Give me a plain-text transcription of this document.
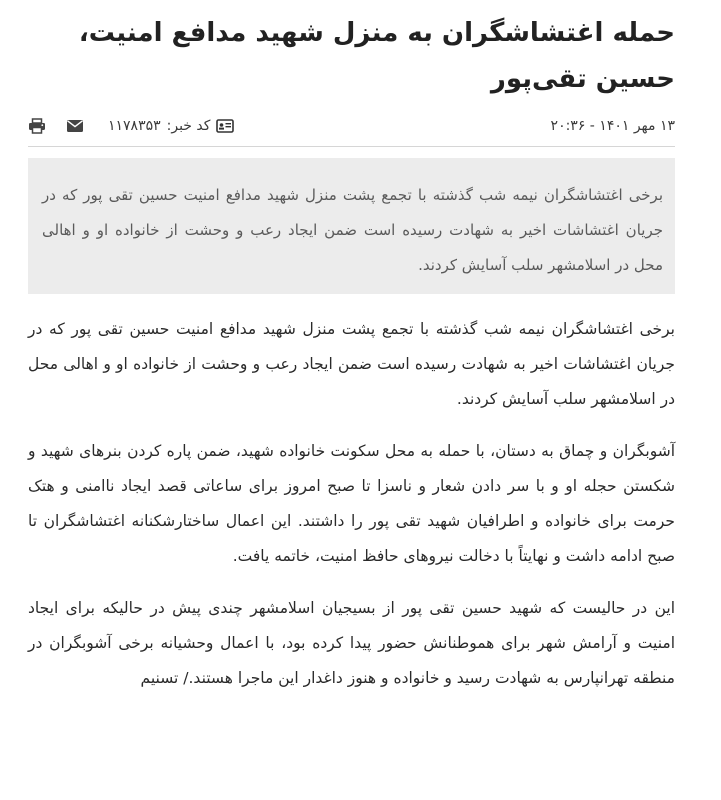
حمله اغتشاشگران به منزل شهید مدافع امنیت، حسین تقی‌پور
۱۳ مهر ۱۴۰۱ - ۲۰:۳۶
کد خبر:
۱۱۷۸۳۵۳
برخی اغتشاشگران نیمه شب گذشته با تجمع پشت منزل شهید مدافع امنیت حسین تقی پور که در جریان اغتشاشات اخیر به شهادت رسیده است ضمن ایجاد رعب و وحشت از خانواده او و اهالی محل در اسلامشهر سلب آسایش کردند.

برخی اغتشاشگران نیمه شب گذشته با تجمع پشت منزل شهید مدافع امنیت حسین تقی پور که در جریان اغتشاشات اخیر به شهادت رسیده است ضمن ایجاد رعب و وحشت از خانواده او و اهالی محل در اسلامشهر سلب آسایش کردند.

آشوبگران و چماق به دستان، با حمله به محل سکونت خانواده شهید، ضمن پاره کردن بنرهای شهید و شکستن حجله او و با سر دادن شعار و ناسزا تا صبح امروز برای ساعاتی قصد ایجاد ناامنی و هتک حرمت برای خانواده و اطرافیان شهید تقی پور را داشتند. این اعمال ساختارشکنانه اغتشاشگران تا صبح ادامه داشت و نهایتاً با دخالت نیروهای حافظ امنیت، خاتمه یافت.

این در حالیست که شهید حسین تقی پور از بسیجیان اسلامشهر چندی پیش در حالیکه برای ایجاد امنیت و آرامش شهر برای هموطنانش حضور پیدا کرده بود، با اعمال وحشیانه برخی آشوبگران در منطقه تهرانپارس به شهادت رسید و خانواده و هنوز داغدار این ماجرا هستند./ تسنیم
